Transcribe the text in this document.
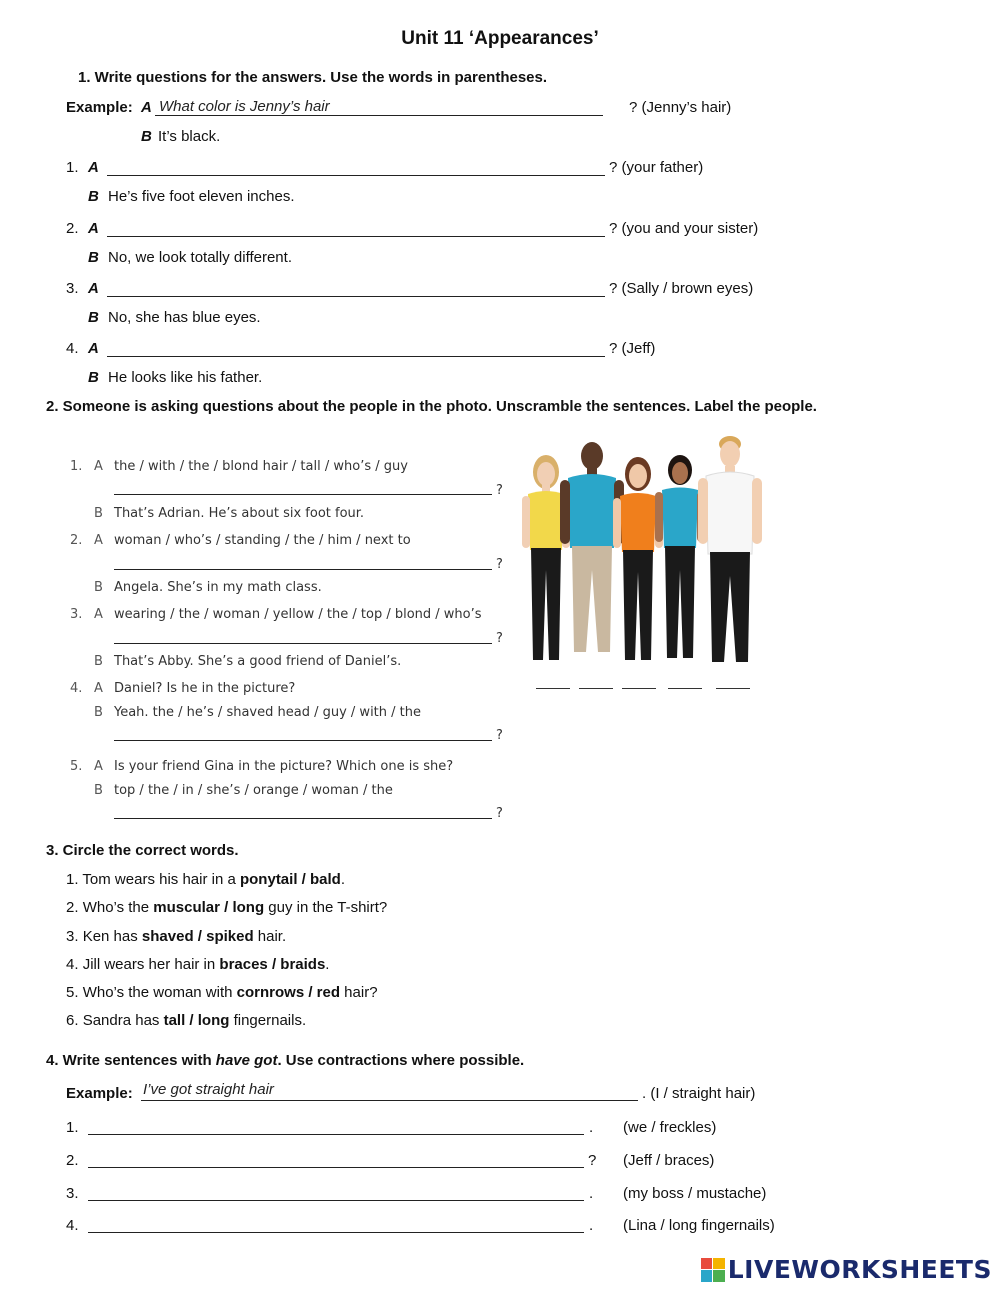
Unit 11 ‘Appearances’
1. Write questions for the answers. Use the words in parentheses.
Example: A What color is Jenny’s hair	? (Jenny’s hair)
B It’s black.
1. A	? (your father)
B He’s five foot eleven inches.
2. A	? (you and your sister)
B No, we look totally different.
3. A	? (Sally / brown eyes)
B No, she has blue eyes.
4. A	? (Jeff)
B He looks like his father.
2. Someone is asking questions about the people in the photo. Unscramble the sentences. Label the people.
1. A the / with / the / blond hair / tall / who’s / guy
?
B That’s Adrian. He’s about six foot four.
2. A woman / who’s / standing / the / him / next to
?
B Angela. She’s in my math class.
3. A wearing / the / woman / yellow / the / top / blond / who’s
?
B That’s Abby. She’s a good friend of Daniel’s.
4. A Daniel? Is he in the picture?
B Yeah. the / he’s / shaved head / guy / with / the
?
5. A Is your friend Gina in the picture? Which one is she?
B top / the / in / she’s / orange / woman / the
?
3. Circle the correct words.
1. Tom wears his hair in a ponytail / bald.
2. Who’s the muscular / long guy in the T-shirt?
3. Ken has shaved / spiked hair.
4. Jill wears her hair in braces / braids.
5. Who’s the woman with cornrows / red hair?
6. Sandra has tall / long fingernails.
4. Write sentences with have got. Use contractions where possible.
Example: I’ve got straight hair	. (I / straight hair)
1.	. (we / freckles)
2.	? (Jeff / braces)
3.	. (my boss / mustache)
4.	. (Lina / long fingernails)
LIVEWORKSHEETS
